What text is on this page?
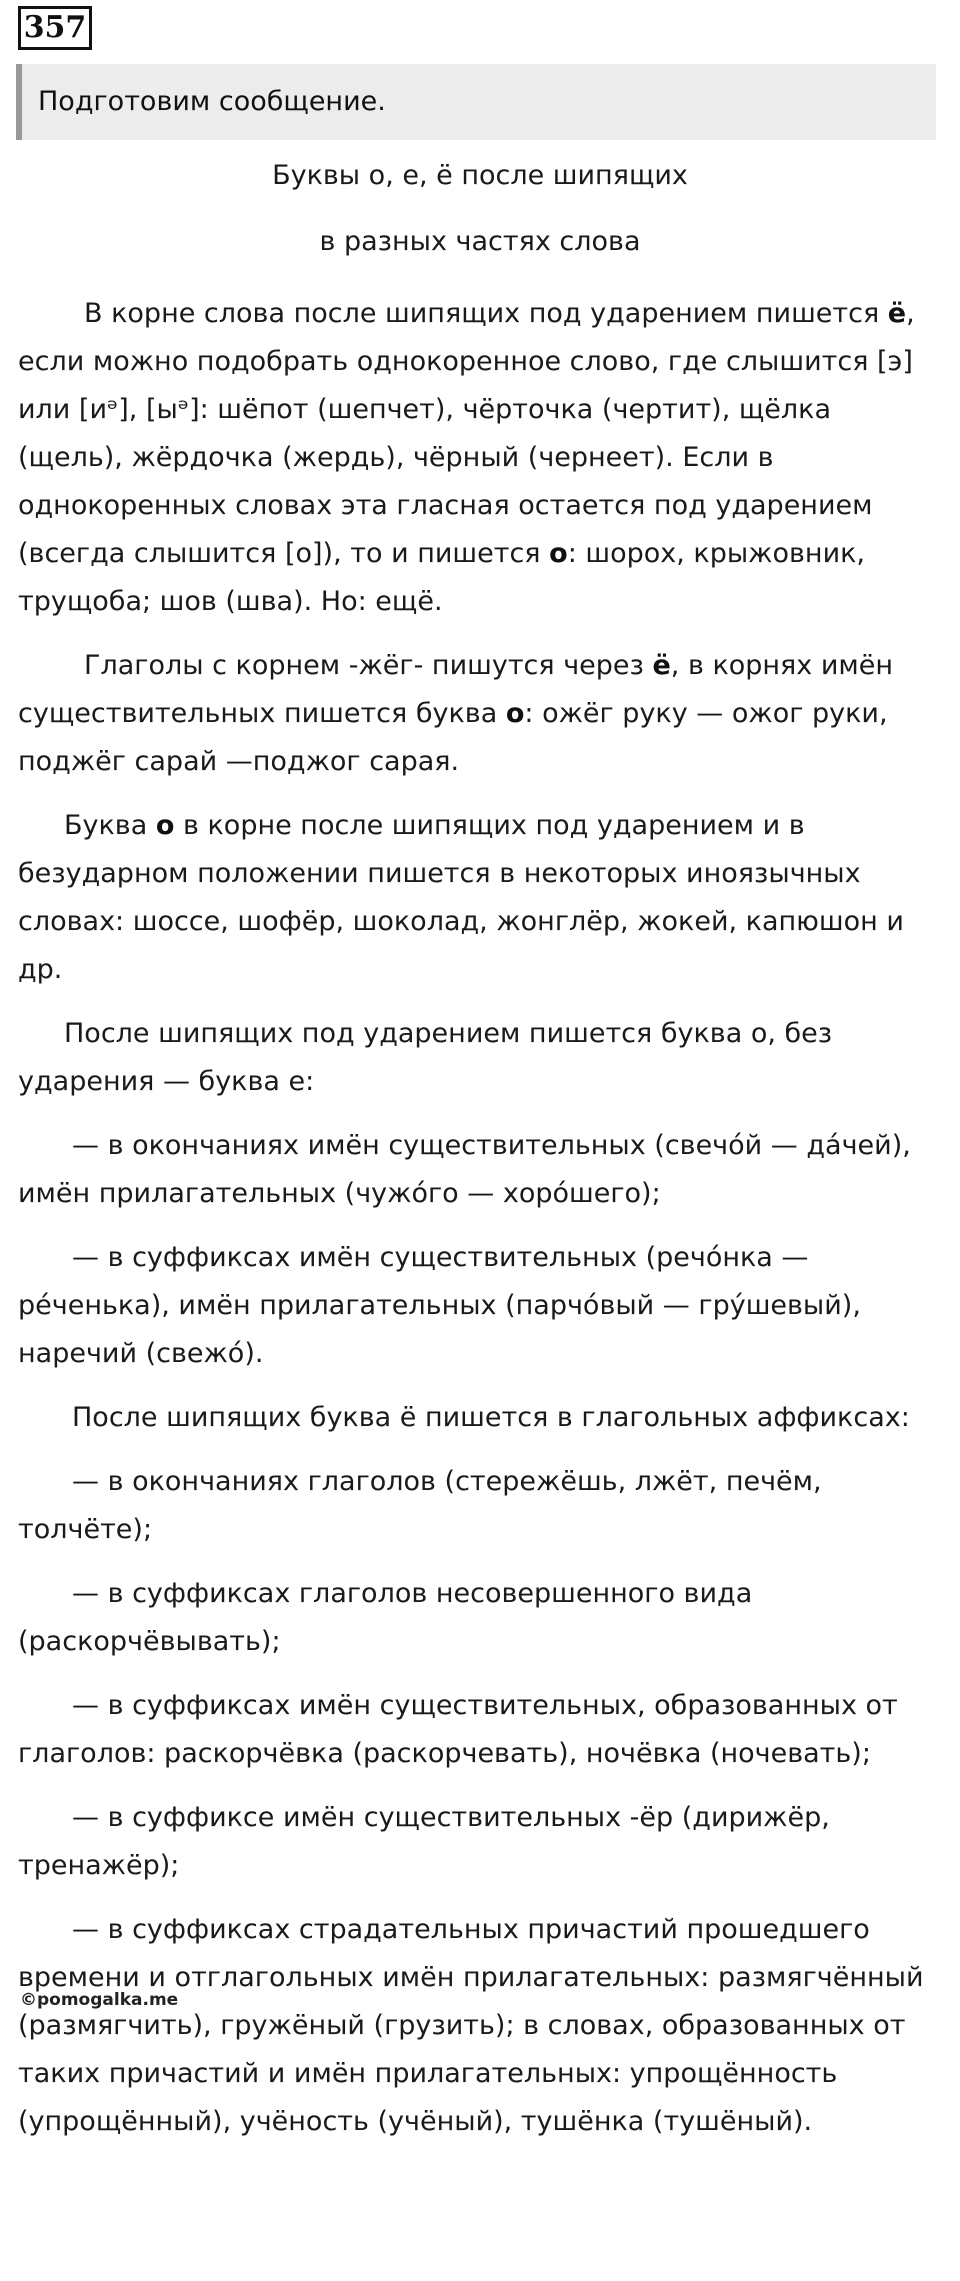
357
Подготовим сообщение.
Буквы о, е, ё после шипящих
в разных частях слова

В корне слова после шипящих под ударением пишется ё, если можно подобрать однокоренное слово, где слышится [э] или [иᵊ], [ыᵊ]: шёпот (шепчет), чёрточка (чертит), щёлка (щель), жёрдочка (жердь), чёрный (чернеет). Если в однокоренных словах эта гласная остается под ударением (всегда слышится [о]), то и пишется о: шорох, крыжовник, трущоба; шов (шва). Но: ещё.

Глаголы с корнем -жёг- пишутся через ё, в корнях имён существительных пишется буква о: ожёг руку — ожог руки, поджёг сарай —поджог сарая.

Буква о в корне после шипящих под ударением и в безударном положении пишется в некоторых иноязычных словах: шоссе, шофёр, шоколад, жонглёр, жокей, капюшон и др.

После шипящих под ударением пишется буква о, без ударения — буква е:

— в окончаниях имён существительных (свечо́й — да́чей), имён прилагательных (чужо́го — хоро́шего);

— в суффиксах имён существительных (речо́нка — ре́ченька), имён прилагательных (парчо́вый — гру́шевый), наречий (свежо́).

После шипящих буква ё пишется в глагольных аффиксах:

— в окончаниях глаголов (стережёшь, лжёт, печём, толчёте);

— в суффиксах глаголов несовершенного вида (раскорчёвывать);

— в суффиксах имён существительных, образованных от глаголов: раскорчёвка (раскорчевать), ночёвка (ночевать);

— в суффиксе имён существительных -ёр (дирижёр, тренажёр);

— в суффиксах страдательных причастий прошедшего времени и отглагольных имён прилагательных: размягчённый (размягчить), гружёный (грузить); в словах, образованных от таких причастий и имён прилагательных: упрощённость (упрощённый), учёность (учёный), тушёнка (тушёный).

©pomogalka.me
